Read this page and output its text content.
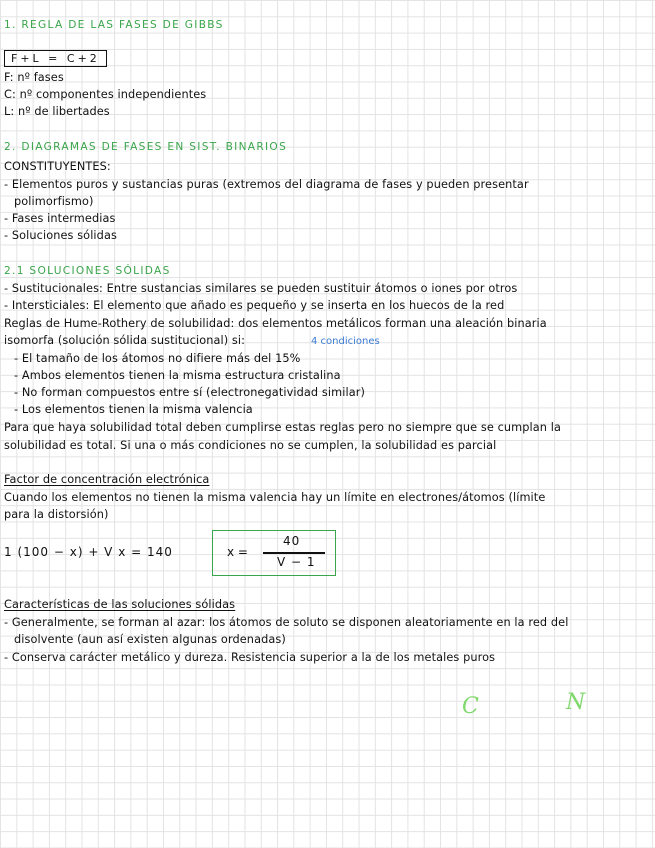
1. REGLA DE LAS FASES DE GIBBS
F+L = C+2
F: nº fases
C: nº componentes independientes
L: nº de libertades
2. DIAGRAMAS DE FASES EN SIST. BINARIOS
CONSTITUYENTES:
- Elementos puros y sustancias puras (extremos del diagrama de fases y pueden presentar
polimorfismo)
- Fases intermedias
- Soluciones sólidas
2.1 SOLUCIONES SÓLIDAS
- Sustitucionales: Entre sustancias similares se pueden sustituir átomos o iones por otros
- Intersticiales: El elemento que añado es pequeño y se inserta en los huecos de la red
Reglas de Hume-Rothery de solubilidad: dos elementos metálicos forman una aleación binaria
isomorfa (solución sólida sustitucional) si:	4 condiciones
- El tamaño de los átomos no difiere más del 15%
- Ambos elementos tienen la misma estructura cristalina
- No forman compuestos entre sí (electronegatividad similar)
- Los elementos tienen la misma valencia
Para que haya solubilidad total deben cumplirse estas reglas pero no siempre que se cumplan la
solubilidad es total. Si una o más condiciones no se cumplen, la solubilidad es parcial
Factor de concentración electrónica
Cuando los elementos no tienen la misma valencia hay un límite en electrones/átomos (límite
para la distorsión)
1 (100 − x) + V x = 140	x =
40
V − 1
Características de las soluciones sólidas
- Generalmente, se forman al azar: los átomos de soluto se disponen aleatoriamente en la red del
disolvente (aun así existen algunas ordenadas)
- Conserva carácter metálico y dureza. Resistencia superior a la de los metales puros
C	N
